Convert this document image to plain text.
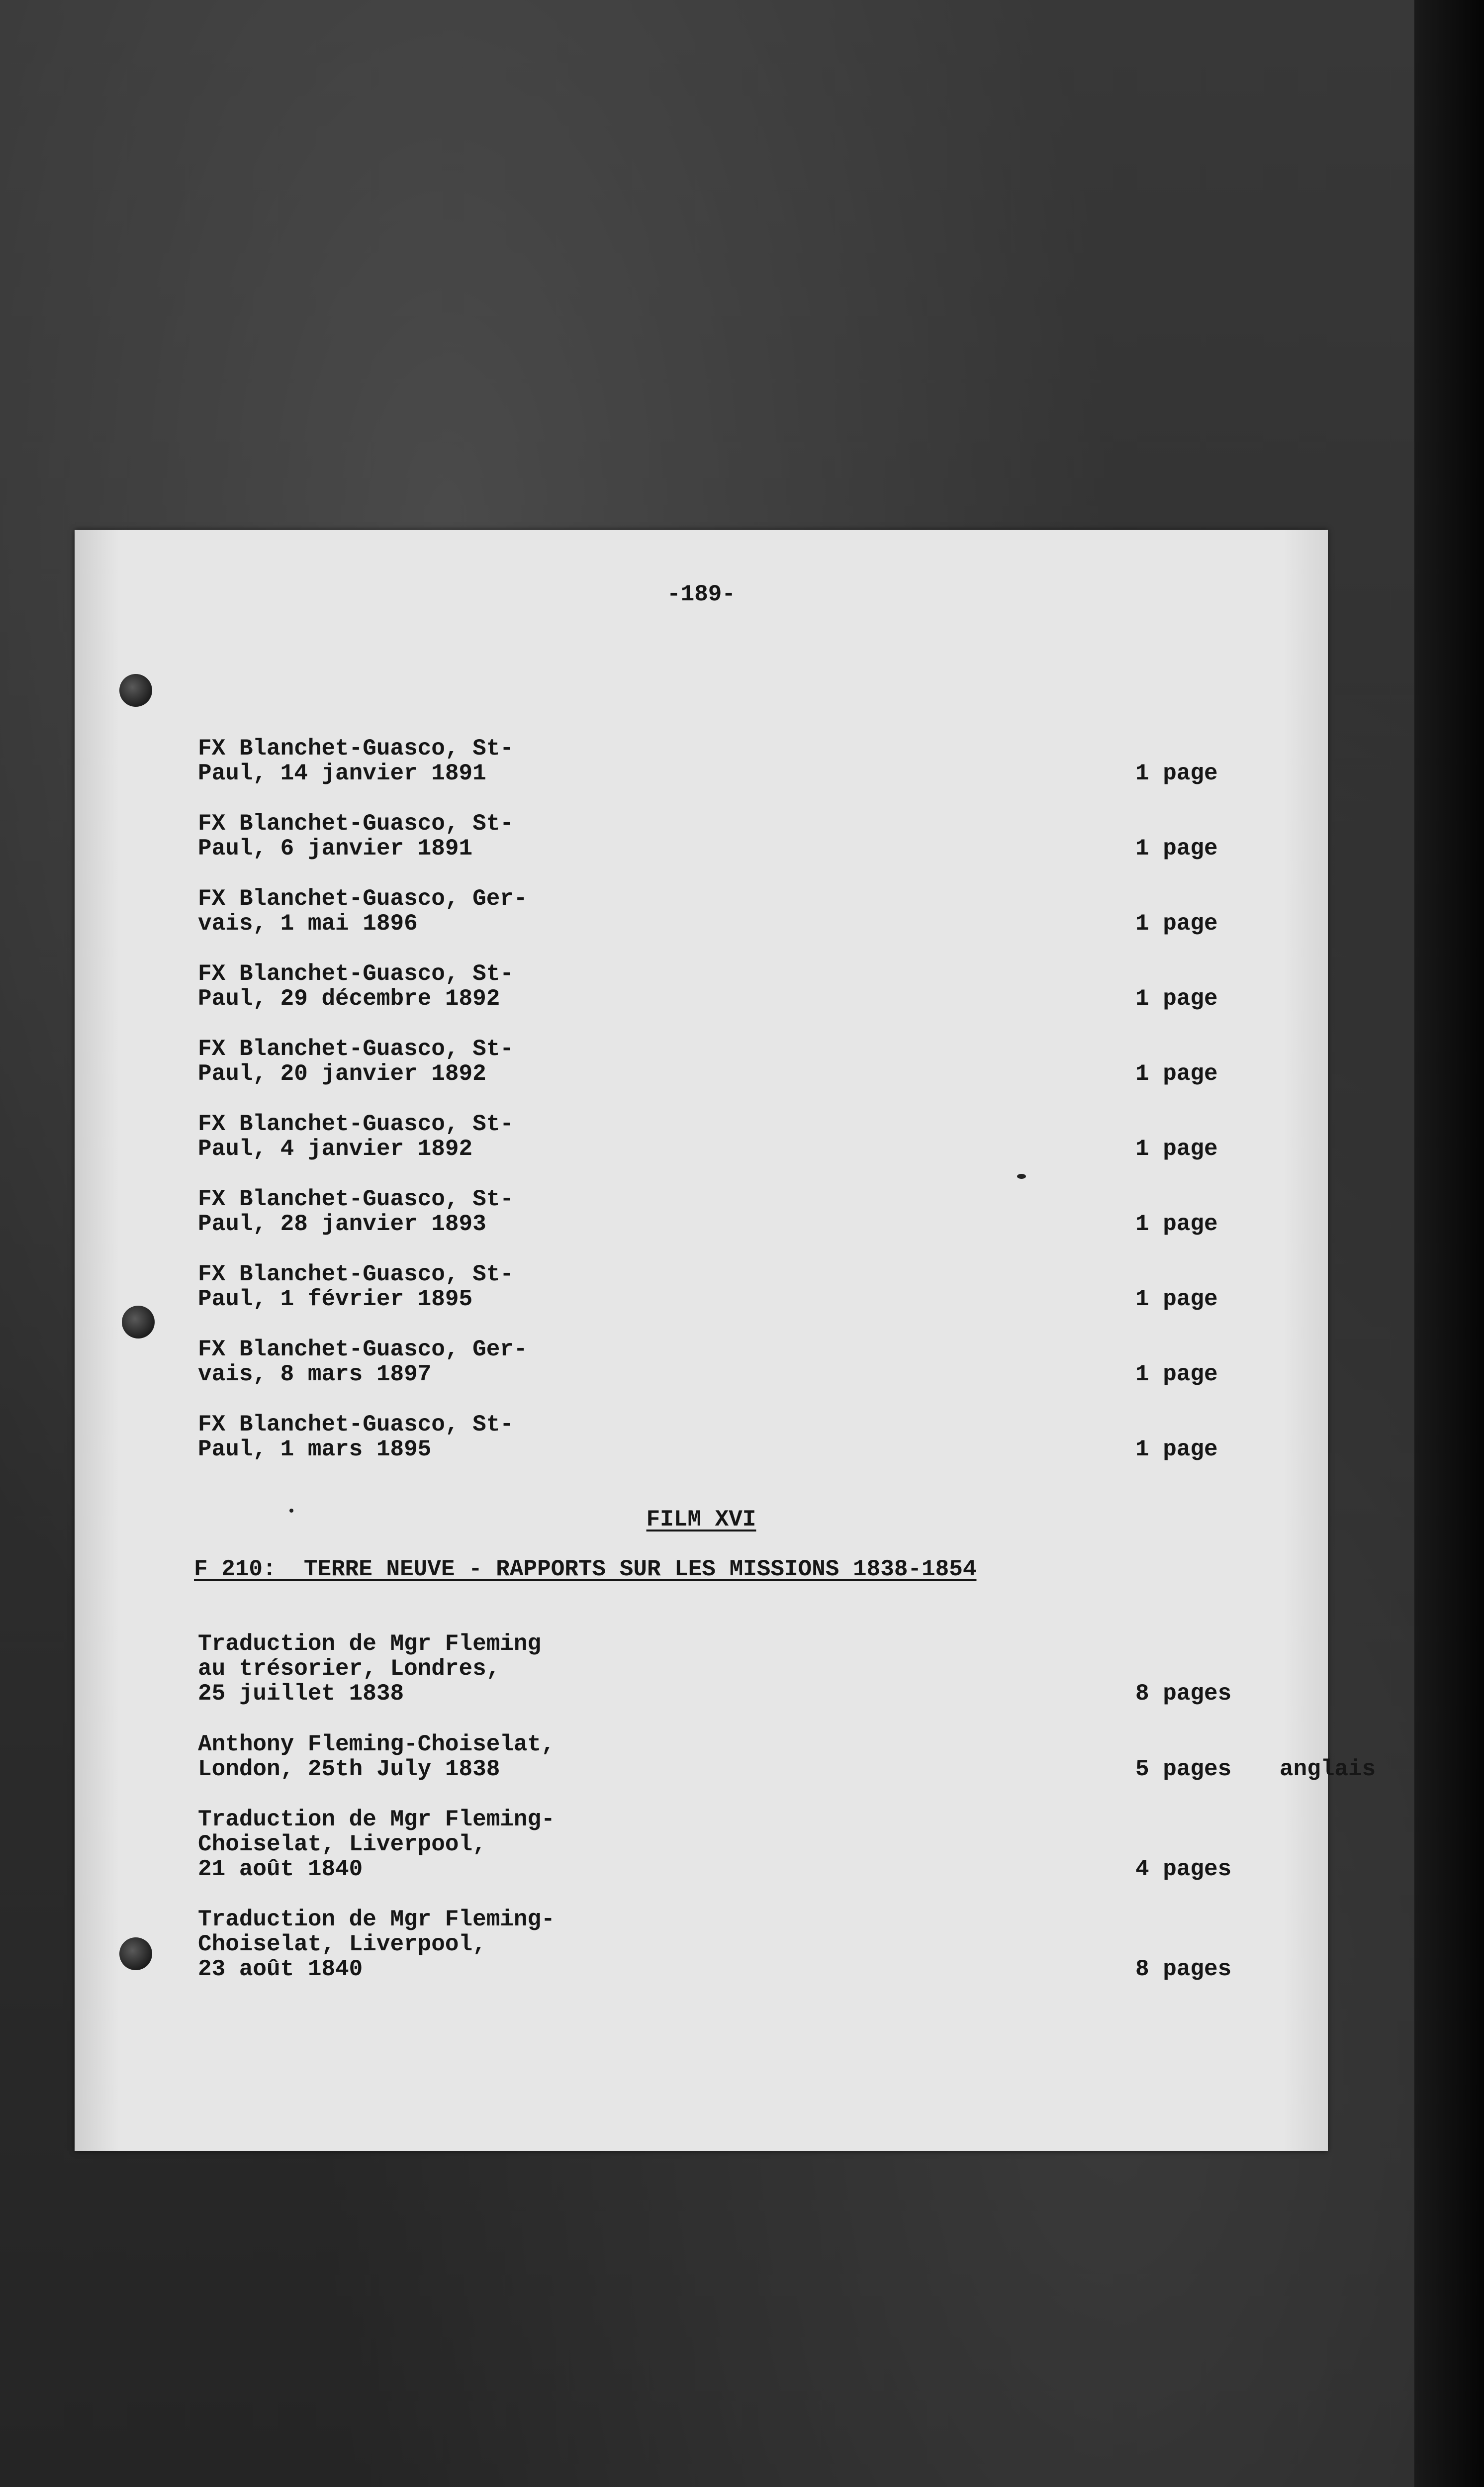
-189-
FX Blanchet-Guasco, St-
Paul, 14 janvier 1891	1 page
FX Blanchet-Guasco, St-
Paul, 6 janvier 1891	1 page
FX Blanchet-Guasco, Ger-
vais, 1 mai 1896	1 page
FX Blanchet-Guasco, St-
Paul, 29 décembre 1892	1 page
FX Blanchet-Guasco, St-
Paul, 20 janvier 1892	1 page
FX Blanchet-Guasco, St-
Paul, 4 janvier 1892	1 page
FX Blanchet-Guasco, St-
Paul, 28 janvier 1893	1 page
FX Blanchet-Guasco, St-
Paul, 1 février 1895	1 page
FX Blanchet-Guasco, Ger-
vais, 8 mars 1897	1 page
FX Blanchet-Guasco, St-
Paul, 1 mars 1895	1 page
FILM XVI
F 210:  TERRE NEUVE - RAPPORTS SUR LES MISSIONS 1838-1854
Traduction de Mgr Fleming
au trésorier, Londres,
25 juillet 1838	8 pages
Anthony Fleming-Choiselat,
London, 25th July 1838	5 pages anglais
Traduction de Mgr Fleming-
Choiselat, Liverpool,
21 août 1840	4 pages
Traduction de Mgr Fleming-
Choiselat, Liverpool,
23 août 1840	8 pages
